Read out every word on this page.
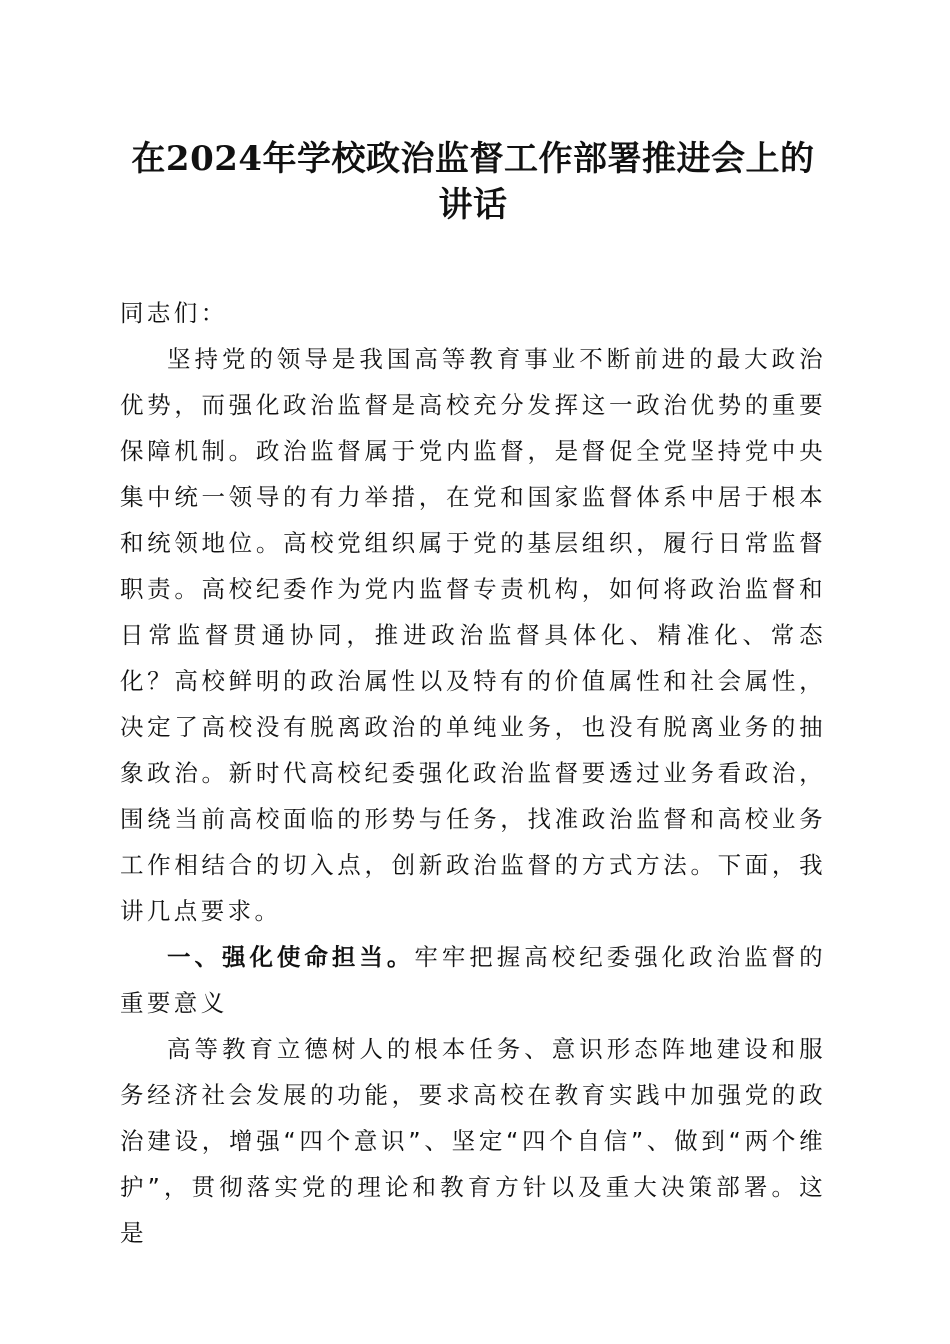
在2024年学校政治监督工作部署推进会上的
讲话

同志们：

坚持党的领导是我国高等教育事业不断前进的最大政治优势，而强化政治监督是高校充分发挥这一政治优势的重要保障机制。政治监督属于党内监督，是督促全党坚持党中央集中统一领导的有力举措，在党和国家监督体系中居于根本和统领地位。高校党组织属于党的基层组织，履行日常监督职责。高校纪委作为党内监督专责机构，如何将政治监督和日常监督贯通协同，推进政治监督具体化、精准化、常态化？高校鲜明的政治属性以及特有的价值属性和社会属性，决定了高校没有脱离政治的单纯业务，也没有脱离业务的抽象政治。新时代高校纪委强化政治监督要透过业务看政治，围绕当前高校面临的形势与任务，找准政治监督和高校业务工作相结合的切入点，创新政治监督的方式方法。下面，我讲几点要求。

一、强化使命担当。牢牢把握高校纪委强化政治监督的重要意义

高等教育立德树人的根本任务、意识形态阵地建设和服务经济社会发展的功能，要求高校在教育实践中加强党的政治建设，增强“四个意识”、坚定“四个自信”、做到“两个维护”，贯彻落实党的理论和教育方针以及重大决策部署。这是
